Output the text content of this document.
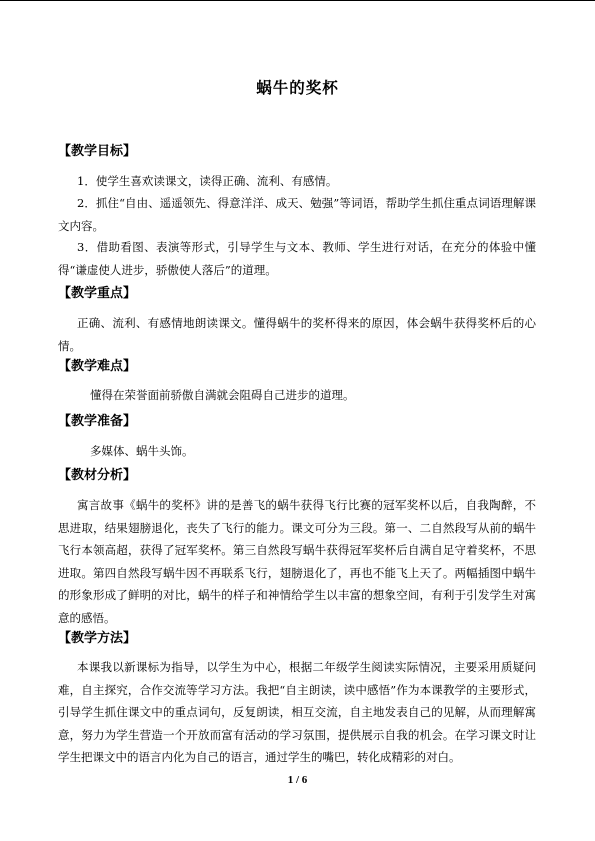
蜗牛的奖杯
【教学目标】
1．使学生喜欢读课文，读得正确、流利、有感情。
2．抓住“自由、遥遥领先、得意洋洋、成天、勉强”等词语，帮助学生抓住重点词语理解课文内容。
3．借助看图、表演等形式，引导学生与文本、教师、学生进行对话，在充分的体验中懂得“谦虚使人进步，骄傲使人落后”的道理。
【教学重点】
正确、流利、有感情地朗读课文。懂得蜗牛的奖杯得来的原因，体会蜗牛获得奖杯后的心情。
【教学难点】
懂得在荣誉面前骄傲自满就会阻碍自己进步的道理。
【教学准备】
多媒体、蜗牛头饰。
【教材分析】
寓言故事《蜗牛的奖杯》讲的是善飞的蜗牛获得飞行比赛的冠军奖杯以后，自我陶醉，不思进取，结果翅膀退化，丧失了飞行的能力。课文可分为三段。第一、二自然段写从前的蜗牛飞行本领高超，获得了冠军奖杯。第三自然段写蜗牛获得冠军奖杯后自满自足守着奖杯，不思进取。第四自然段写蜗牛因不再联系飞行，翅膀退化了，再也不能飞上天了。两幅插图中蜗牛的形象形成了鲜明的对比，蜗牛的样子和神情给学生以丰富的想象空间，有利于引发学生对寓意的感悟。
【教学方法】
本课我以新课标为指导，以学生为中心，根据二年级学生阅读实际情况，主要采用质疑问难，自主探究，合作交流等学习方法。我把“自主朗读，读中感悟”作为本课教学的主要形式，引导学生抓住课文中的重点词句，反复朗读，相互交流，自主地发表自己的见解，从而理解寓意，努力为学生营造一个开放而富有活动的学习氛围，提供展示自我的机会。在学习课文时让学生把课文中的语言内化为自己的语言，通过学生的嘴巴，转化成精彩的对白。
1 / 6
